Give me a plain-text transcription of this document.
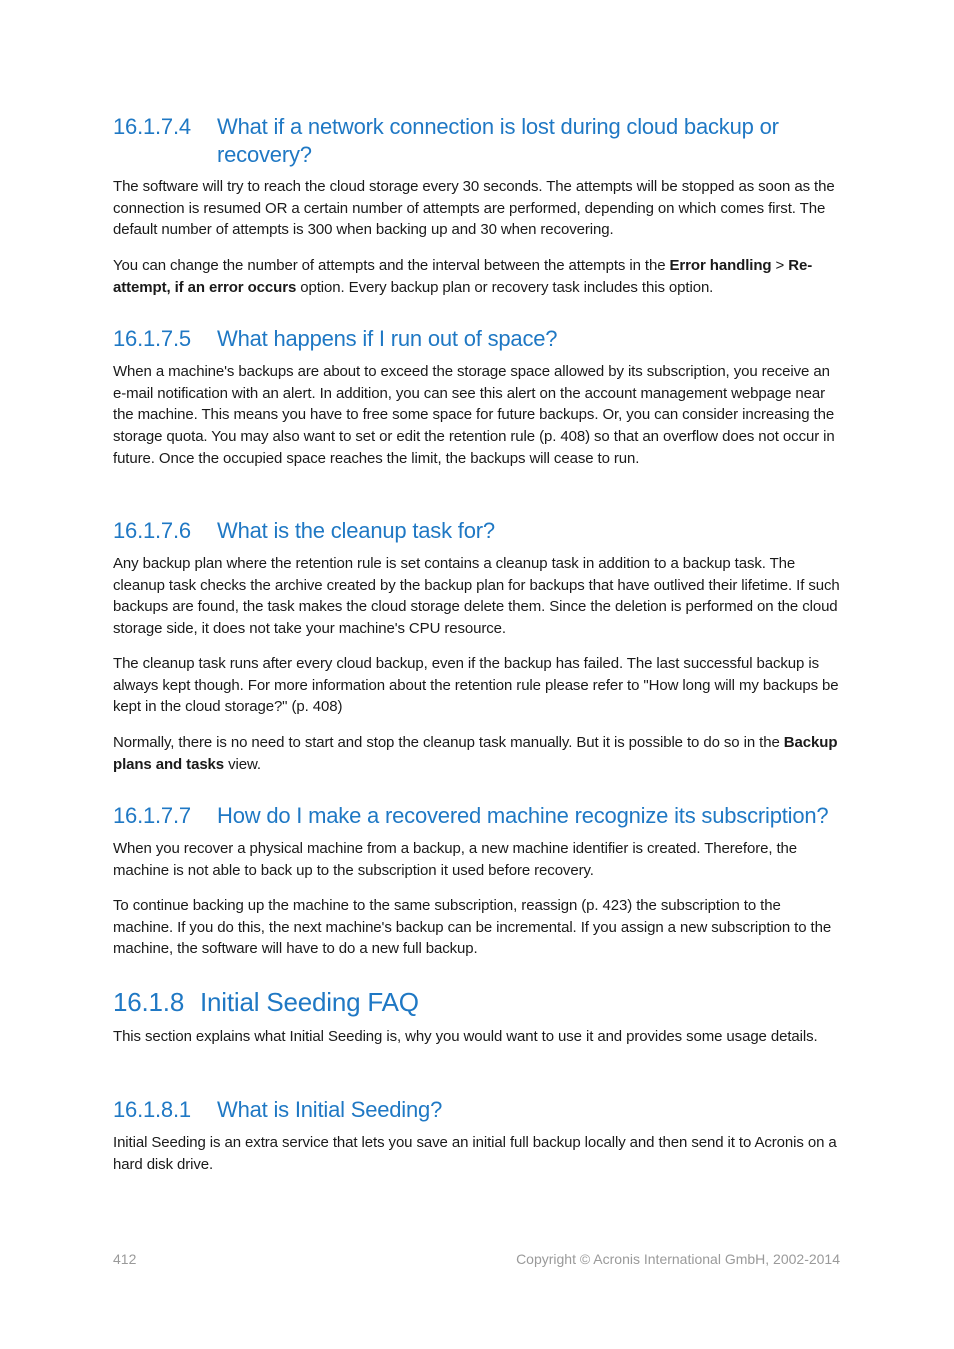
16.1.7.4 What if a network connection is lost during cloud backup or recovery?

The software will try to reach the cloud storage every 30 seconds. The attempts will be stopped as soon as the connection is resumed OR a certain number of attempts are performed, depending on which comes first. The default number of attempts is 300 when backing up and 30 when recovering.

You can change the number of attempts and the interval between the attempts in the Error handling > Re-attempt, if an error occurs option. Every backup plan or recovery task includes this option.

16.1.7.5 What happens if I run out of space?

When a machine's backups are about to exceed the storage space allowed by its subscription, you receive an e-mail notification with an alert. In addition, you can see this alert on the account management webpage near the machine. This means you have to free some space for future backups. Or, you can consider increasing the storage quota. You may also want to set or edit the retention rule (p. 408) so that an overflow does not occur in future. Once the occupied space reaches the limit, the backups will cease to run.

16.1.7.6 What is the cleanup task for?

Any backup plan where the retention rule is set contains a cleanup task in addition to a backup task. The cleanup task checks the archive created by the backup plan for backups that have outlived their lifetime. If such backups are found, the task makes the cloud storage delete them. Since the deletion is performed on the cloud storage side, it does not take your machine's CPU resource.

The cleanup task runs after every cloud backup, even if the backup has failed. The last successful backup is always kept though. For more information about the retention rule please refer to "How long will my backups be kept in the cloud storage?" (p. 408)

Normally, there is no need to start and stop the cleanup task manually. But it is possible to do so in the Backup plans and tasks view.

16.1.7.7 How do I make a recovered machine recognize its subscription?

When you recover a physical machine from a backup, a new machine identifier is created. Therefore, the machine is not able to back up to the subscription it used before recovery.

To continue backing up the machine to the same subscription, reassign (p. 423) the subscription to the machine. If you do this, the next machine's backup can be incremental. If you assign a new subscription to the machine, the software will have to do a new full backup.

16.1.8 Initial Seeding FAQ

This section explains what Initial Seeding is, why you would want to use it and provides some usage details.

16.1.8.1 What is Initial Seeding?

Initial Seeding is an extra service that lets you save an initial full backup locally and then send it to Acronis on a hard disk drive.

412	Copyright © Acronis International GmbH, 2002-2014
